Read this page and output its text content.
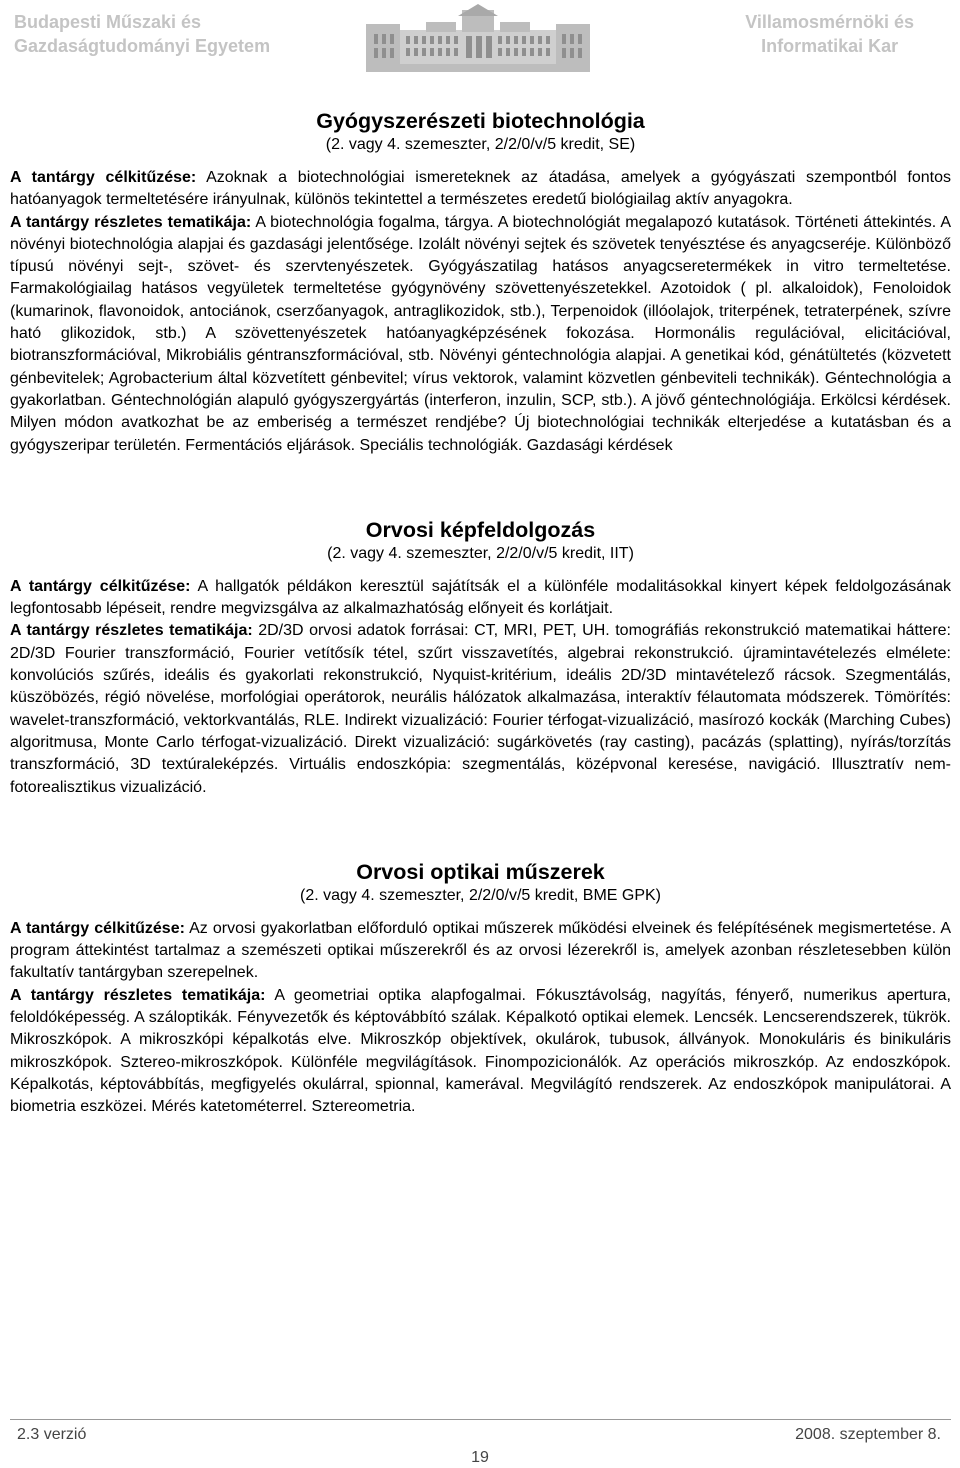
Budapesti Műszaki és
Gazdaságtudományi Egyetem
Villamosmérnöki és
Informatikai Kar
Gyógyszerészeti biotechnológia

(2. vagy 4. szemeszter, 2/2/0/v/5 kredit, SE)

A tantárgy célkitűzése: Azoknak a biotechnológiai ismereteknek az átadása, amelyek a gyógyászati szempontból fontos hatóanyagok termeltetésére irányulnak, különös tekintettel a természetes eredetű biológiailag aktív anyagokra.

A tantárgy részletes tematikája: A biotechnológia fogalma, tárgya. A biotechnológiát megalapozó kutatások. Történeti áttekintés. A növényi biotechnológia alapjai és gazdasági jelentősége. Izolált növényi sejtek és szövetek tenyésztése és anyagcseréje. Különböző típusú növényi sejt-, szövet- és szervtenyészetek. Gyógyászatilag hatásos anyagcseretermékek in vitro termeltetése. Farmakológiailag hatásos vegyületek termeltetése gyógynövény szövettenyészetekkel. Azotoidok ( pl. alkaloidok), Fenoloidok (kumarinok, flavonoidok, antociánok, cserzőanyagok, antraglikozidok, stb.), Terpenoidok (illóolajok, triterpének, tetraterpének, szívre ható glikozidok, stb.) A szövettenyészetek hatóanyagképzésének fokozása. Hormonális regulációval, elicitációval, biotranszformációval, Mikrobiális géntranszformációval, stb. Növényi géntechnológia alapjai. A genetikai kód, génátültetés (közvetett génbevitelek; Agrobacterium által közvetített génbevitel; vírus vektorok, valamint közvetlen génbeviteli technikák). Géntechnológia a gyakorlatban. Géntechnológián alapuló gyógyszergyártás (interferon, inzulin, SCP, stb.). A jövő géntechnológiája. Erkölcsi kérdések. Milyen módon avatkozhat be az emberiség a természet rendjébe? Új biotechnológiai technikák elterjedése a kutatásban és a gyógyszeripar területén. Fermentációs eljárások. Speciális technológiák. Gazdasági kérdések

Orvosi képfeldolgozás

(2. vagy 4. szemeszter, 2/2/0/v/5 kredit, IIT)

A tantárgy célkitűzése: A hallgatók példákon keresztül sajátítsák el a különféle modalitásokkal kinyert képek feldolgozásának legfontosabb lépéseit, rendre megvizsgálva az alkalmazhatóság előnyeit és korlátjait.

A tantárgy részletes tematikája: 2D/3D orvosi adatok forrásai: CT, MRI, PET, UH. tomográfiás rekonstrukció matematikai háttere: 2D/3D Fourier transzformáció, Fourier vetítősík tétel, szűrt visszavetítés, algebrai rekonstrukció. újramintavételezés elmélete: konvolúciós szűrés, ideális és gyakorlati rekonstrukció, Nyquist-kritérium, ideális 2D/3D mintavételező rácsok. Szegmentálás, küszöbözés, régió növelése, morfológiai operátorok, neurális hálózatok alkalmazása, interaktív félautomata módszerek. Tömörítés: wavelet-transzformáció, vektorkvantálás, RLE. Indirekt vizualizáció: Fourier térfogat-vizualizáció, masírozó kockák (Marching Cubes) algoritmusa, Monte Carlo térfogat-vizualizáció. Direkt vizualizáció: sugárkövetés (ray casting), pacázás (splatting), nyírás/torzítás transzformáció, 3D textúraleképzés. Virtuális endoszkópia: szegmentálás, középvonal keresése, navigáció. Illusztratív nem-fotorealisztikus vizualizáció.

Orvosi optikai műszerek

(2. vagy 4. szemeszter, 2/2/0/v/5 kredit, BME GPK)

A tantárgy célkitűzése: Az orvosi gyakorlatban előforduló optikai műszerek működési elveinek és felépítésének megismertetése. A program áttekintést tartalmaz a szemészeti optikai műszerekről és az orvosi lézerekről is, amelyek azonban részletesebben külön fakultatív tantárgyban szerepelnek.

A tantárgy részletes tematikája: A geometriai optika alapfogalmai. Fókusztávolság, nagyítás, fényerő, numerikus apertura, feloldóképesség. A száloptikák. Fényvezetők és képtovábbító szálak. Képalkotó optikai elemek. Lencsék. Lencserendszerek, tükrök. Mikroszkópok. A mikroszkópi képalkotás elve. Mikroszkóp objektívek, okulárok, tubusok, állványok. Monokuláris és binikuláris mikroszkópok. Sztereo-mikroszkópok. Különféle megvilágítások. Finompozicionálók. Az operációs mikroszkóp. Az endoszkópok. Képalkotás, képtovábbítás, megfigyelés okulárral, spionnal, kamerával. Megvilágító rendszerek. Az endoszkópok manipulátorai. A biometria eszközei. Mérés katetométerrel. Sztereometria.

2.3 verzió	2008. szeptember 8.
19
